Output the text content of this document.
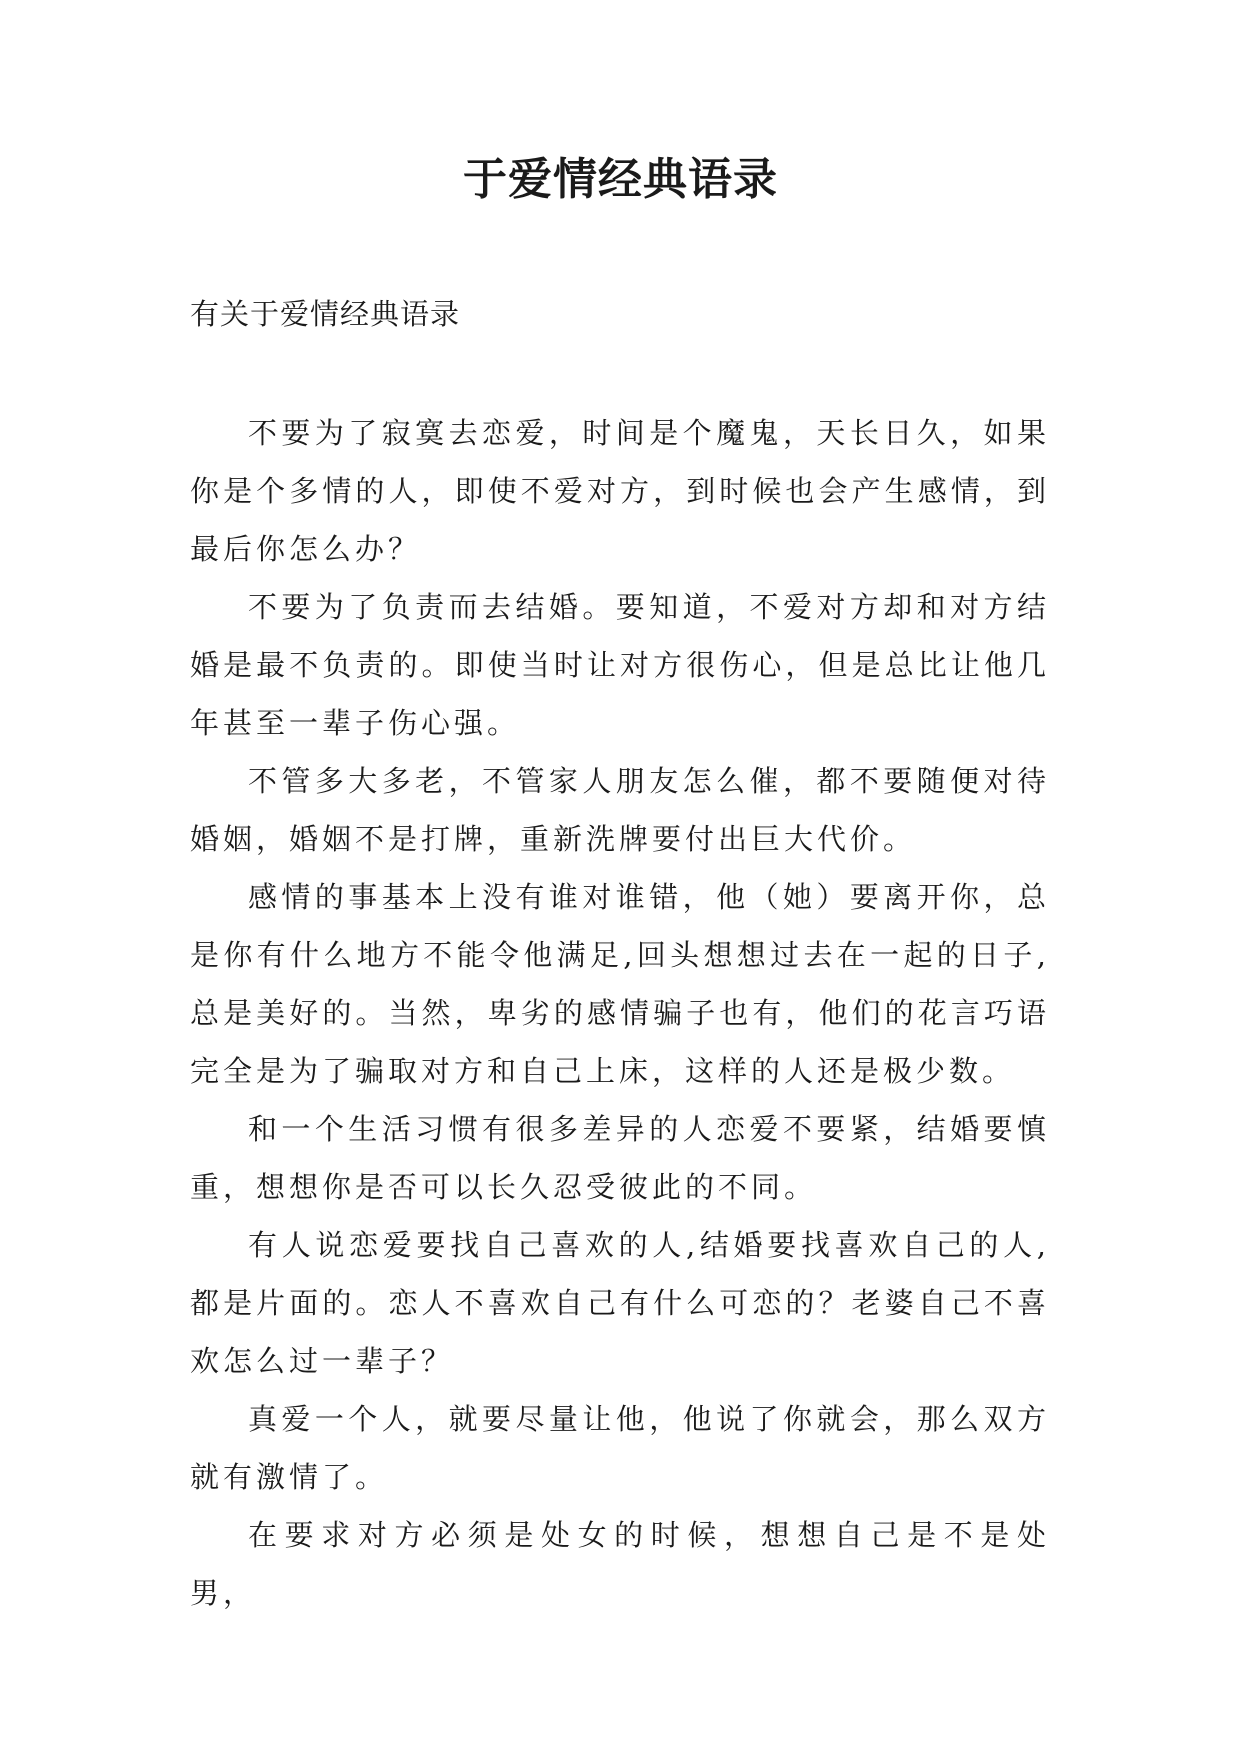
于爱情经典语录

有关于爱情经典语录

不要为了寂寞去恋爱，时间是个魔鬼，天长日久，如果你是个多情的人，即使不爱对方，到时候也会产生感情，到最后你怎么办？

不要为了负责而去结婚。要知道，不爱对方却和对方结婚是最不负责的。即使当时让对方很伤心，但是总比让他几年甚至一辈子伤心强。

不管多大多老，不管家人朋友怎么催，都不要随便对待婚姻，婚姻不是打牌，重新洗牌要付出巨大代价。

感情的事基本上没有谁对谁错，他（她）要离开你，总是你有什么地方不能令他满足,回头想想过去在一起的日子,总是美好的。当然，卑劣的感情骗子也有，他们的花言巧语完全是为了骗取对方和自己上床，这样的人还是极少数。

和一个生活习惯有很多差异的人恋爱不要紧，结婚要慎重，想想你是否可以长久忍受彼此的不同。

有人说恋爱要找自己喜欢的人,结婚要找喜欢自己的人,都是片面的。恋人不喜欢自己有什么可恋的？老婆自己不喜欢怎么过一辈子？

真爱一个人，就要尽量让他，他说了你就会，那么双方就有激情了。

在要求对方必须是处女的时候，想想自己是不是处 男，
